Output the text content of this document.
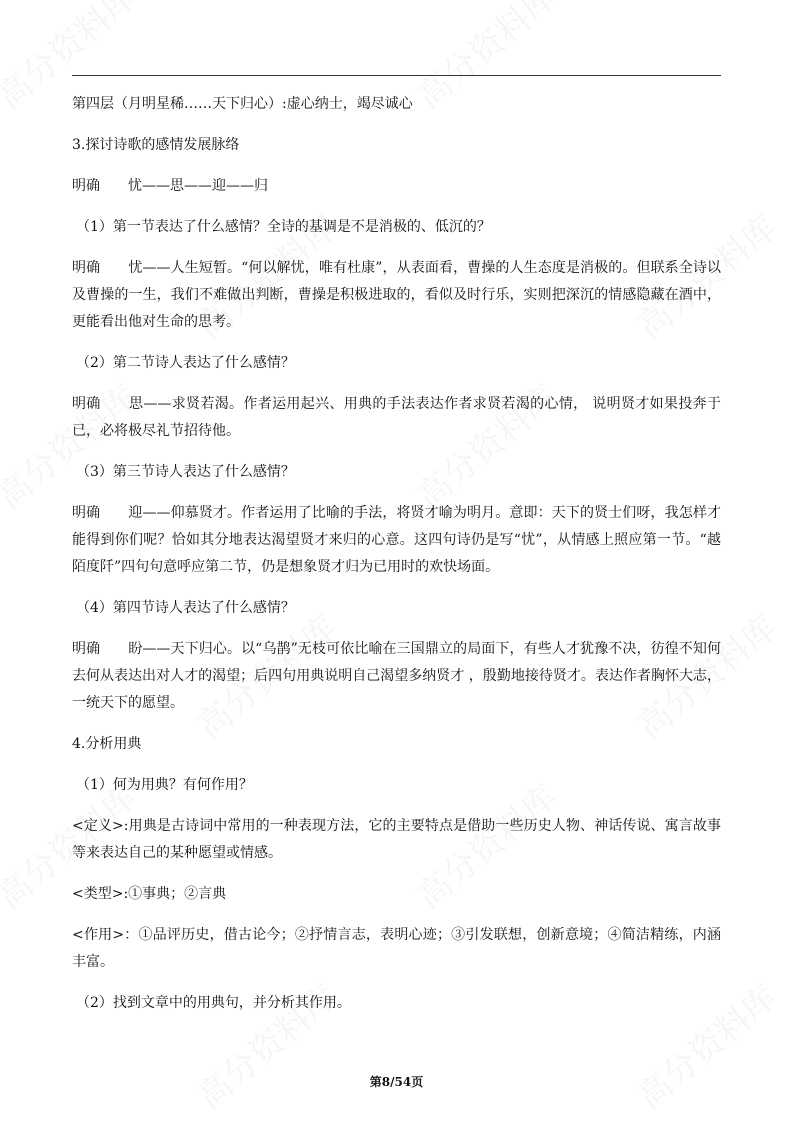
第四层（月明星稀……天下归心）:虚心纳士，竭尽诚心

3.探讨诗歌的感情发展脉络

明确 忧——思——迎——归

（1）第一节表达了什么感情？全诗的基调是不是消极的、低沉的？

明确 忧——人生短暂。“何以解忧，唯有杜康”，从表面看，曹操的人生态度是消极的。但联系全诗以及曹操的一生，我们不难做出判断，曹操是积极进取的，看似及时行乐，实则把深沉的情感隐藏在酒中，更能看出他对生命的思考。

（2）第二节诗人表达了什么感情？

明确 思——求贤若渴。作者运用起兴、用典的手法表达作者求贤若渴的心情， 说明贤才如果投奔于已，必将极尽礼节招待他。

（3）第三节诗人表达了什么感情？

明确 迎——仰慕贤才。作者运用了比喻的手法，将贤才喻为明月。意即：天下的贤士们呀，我怎样才能得到你们呢？恰如其分地表达渴望贤才来归的心意。这四句诗仍是写“忧”，从情感上照应第一节。“越陌度阡”四句句意呼应第二节，仍是想象贤才归为已用时的欢快场面。

（4）第四节诗人表达了什么感情？

明确 盼——天下归心。以“乌鹊”无枝可依比喻在三国鼎立的局面下，有些人才犹豫不决，彷徨不知何去何从表达出对人才的渴望；后四句用典说明自己渴望多纳贤才 ，殷勤地接待贤才。表达作者胸怀大志，一统天下的愿望。

4.分析用典

（1）何为用典？有何作用？

<定义>:用典是古诗词中常用的一种表现方法，它的主要特点是借助一些历史人物、神话传说、寓言故事等来表达自己的某种愿望或情感。

<类型>:①事典；②言典

<作用>：①品评历史，借古论今；②抒情言志，表明心迹；③引发联想，创新意境；④简洁精练，内涵丰富。

（2）找到文章中的用典句，并分析其作用。

第8/54页
